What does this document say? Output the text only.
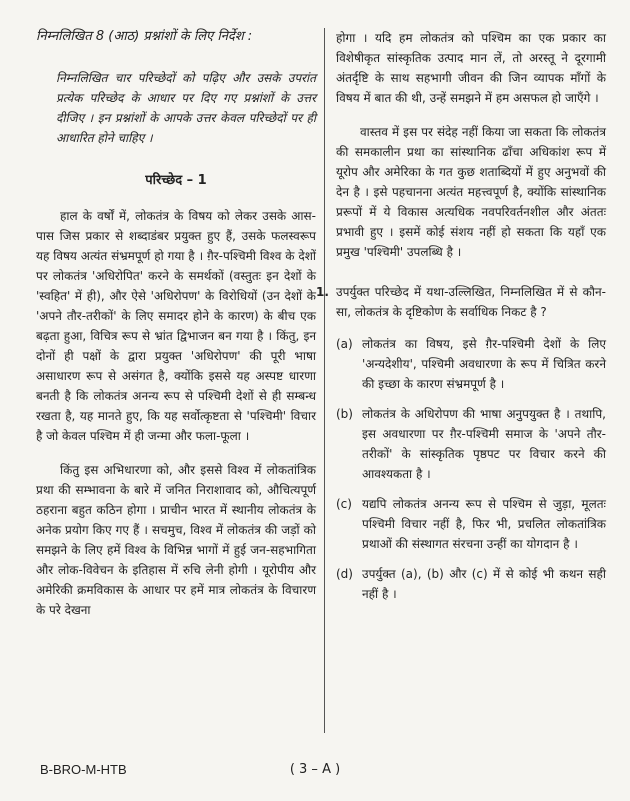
निम्नलिखित 8 (आठ) प्रश्नांशों के लिए निर्देश :

निम्नलिखित चार परिच्छेदों को पढ़िए और उसके उपरांत प्रत्येक परिच्छेद के आधार पर दिए गए प्रश्नांशों के उत्तर दीजिए । इन प्रश्नांशों के आपके उत्तर केवल परिच्छेदों पर ही आधारित होने चाहिए ।

परिच्छेद – 1

हाल के वर्षों में, लोकतंत्र के विषय को लेकर उसके आस-पास जिस प्रकार से शब्दाडंबर प्रयुक्त हुए हैं, उसके फलस्वरूप यह विषय अत्यंत संभ्रमपूर्ण हो गया है । ग़ैर-पश्चिमी विश्व के देशों पर लोकतंत्र 'अधिरोपित' करने के समर्थकों (वस्तुतः इन देशों के 'स्वहित' में ही), और ऐसे 'अधिरोपण' के विरोधियों (उन देशों के 'अपने तौर-तरीकों' के लिए समादर होने के कारण) के बीच एक बढ़ता हुआ, विचित्र रूप से भ्रांत द्विभाजन बन गया है । किंतु, इन दोनों ही पक्षों के द्वारा प्रयुक्त 'अधिरोपण' की पूरी भाषा असाधारण रूप से असंगत है, क्योंकि इससे यह अस्पष्ट धारणा बनती है कि लोकतंत्र अनन्य रूप से पश्चिमी देशों से ही सम्बन्ध रखता है, यह मानते हुए, कि यह सर्वोत्कृष्टता से 'पश्चिमी' विचार है जो केवल पश्चिम में ही जन्मा और फला-फूला ।

किंतु इस अभिधारणा को, और इससे विश्व में लोकतांत्रिक प्रथा की सम्भावना के बारे में जनित निराशावाद को, औचित्यपूर्ण ठहराना बहुत कठिन होगा । प्राचीन भारत में स्थानीय लोकतंत्र के अनेक प्रयोग किए गए हैं । सचमुच, विश्व में लोकतंत्र की जड़ों को समझने के लिए हमें विश्व के विभिन्न भागों में हुई जन-सहभागिता और लोक-विवेचन के इतिहास में रुचि लेनी होगी । यूरोपीय और अमेरिकी क्रमविकास के आधार पर हमें मात्र लोकतंत्र के विचारण के परे देखना

होगा । यदि हम लोकतंत्र को पश्चिम का एक प्रकार का विशेषीकृत सांस्कृतिक उत्पाद मान लें, तो अरस्तू ने दूरगामी अंतर्दृष्टि के साथ सहभागी जीवन की जिन व्यापक माँगों के विषय में बात की थी, उन्हें समझने में हम असफल हो जाएँगे ।

वास्तव में इस पर संदेह नहीं किया जा सकता कि लोकतंत्र की समकालीन प्रथा का सांस्थानिक ढाँचा अधिकांश रूप में यूरोप और अमेरिका के गत कुछ शताब्दियों में हुए अनुभवों की देन है । इसे पहचानना अत्यंत महत्त्वपूर्ण है, क्योंकि सांस्थानिक प्ररूपों में ये विकास अत्यधिक नवपरिवर्तनशील और अंततः प्रभावी हुए । इसमें कोई संशय नहीं हो सकता कि यहाँ एक प्रमुख 'पश्चिमी' उपलब्धि है ।

1. उपर्युक्त परिच्छेद में यथा-उल्लिखित, निम्नलिखित में से कौन-सा, लोकतंत्र के दृष्टिकोण के सर्वाधिक निकट है ?

(a) लोकतंत्र का विषय, इसे ग़ैर-पश्चिमी देशों के लिए 'अन्यदेशीय', पश्चिमी अवधारणा के रूप में चित्रित करने की इच्छा के कारण संभ्रमपूर्ण है ।
(b) लोकतंत्र के अधिरोपण की भाषा अनुपयुक्त है । तथापि, इस अवधारणा पर ग़ैर-पश्चिमी समाज के 'अपने तौर-तरीकों' के सांस्कृतिक पृष्ठपट पर विचार करने की आवश्यकता है ।
(c) यद्यपि लोकतंत्र अनन्य रूप से पश्चिम से जुड़ा, मूलतः पश्चिमी विचार नहीं है, फिर भी, प्रचलित लोकतांत्रिक प्रथाओं की संस्थागत संरचना उन्हीं का योगदान है ।
(d) उपर्युक्त (a), (b) और (c) में से कोई भी कथन सही नहीं है ।
B-BRO-M-HTB	( 3 – A )
